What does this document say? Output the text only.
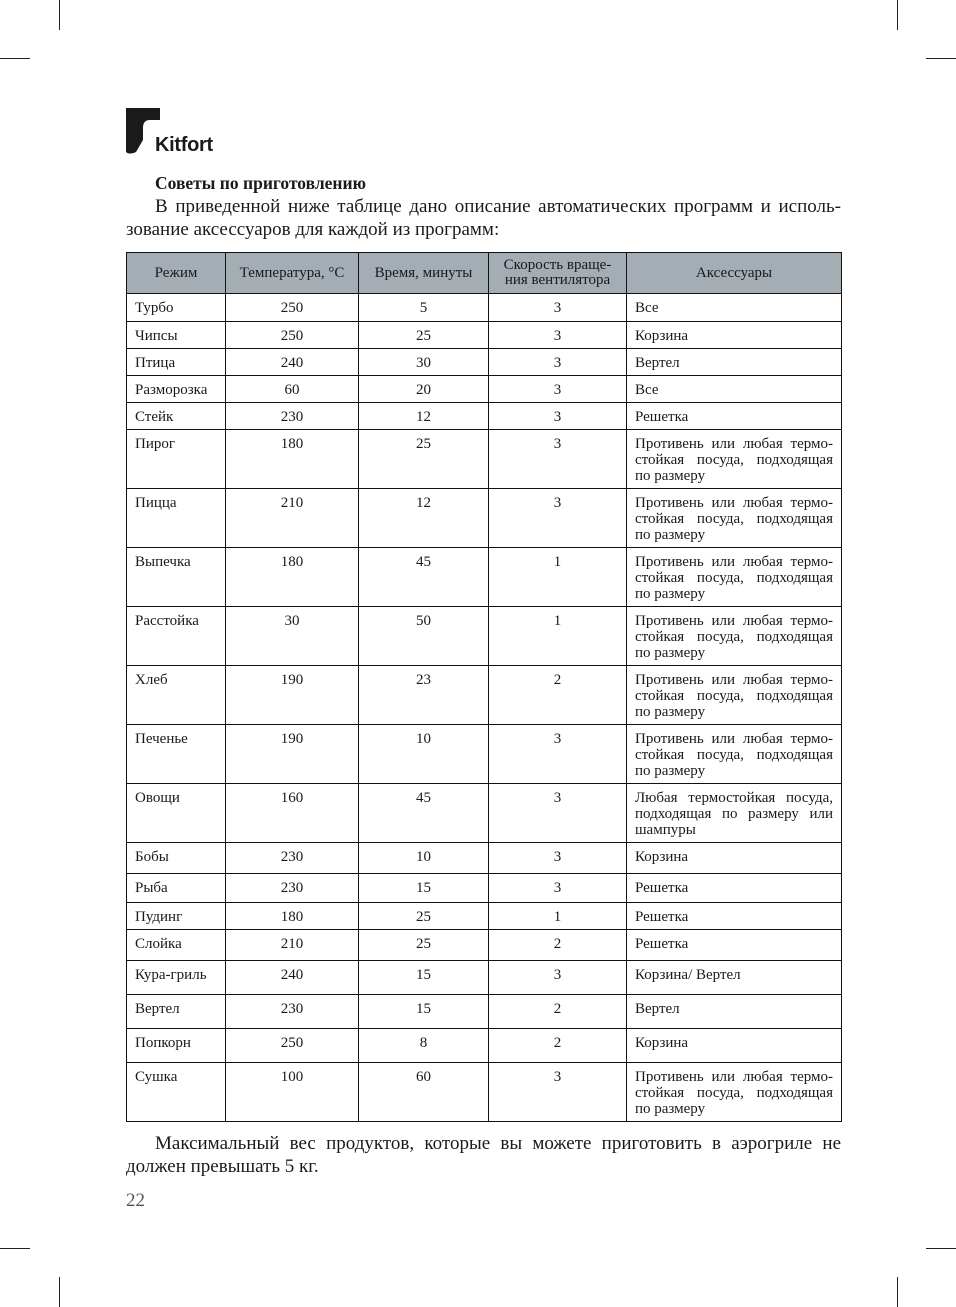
Kitfort
Советы по приготовлению
В приведенной ниже таблице дано описание автоматических программ и исполь-зование аксессуаров для каждой из программ:
Режим	Температура, °С	Время, минуты	Скорость враще-ния вентилятора	Аксессуары
Турбо	250	5	3	Все
Чипсы	250	25	3	Корзина
Птица	240	30	3	Вертел
Разморозка	60	20	3	Все
Стейк	230	12	3	Решетка
Пирог	180	25	3	Противень или любая термо-стойкая посуда, подходящая по размеру
Пицца	210	12	3	Противень или любая термо-стойкая посуда, подходящая по размеру
Выпечка	180	45	1	Противень или любая термо-стойкая посуда, подходящая по размеру
Расстойка	30	50	1	Противень или любая термо-стойкая посуда, подходящая по размеру
Хлеб	190	23	2	Противень или любая термо-стойкая посуда, подходящая по размеру
Печенье	190	10	3	Противень или любая термо-стойкая посуда, подходящая по размеру
Овощи	160	45	3	Любая термостойкая посуда, подходящая по размеру или шампуры
Бобы	230	10	3	Корзина
Рыба	230	15	3	Решетка
Пудинг	180	25	1	Решетка
Слойка	210	25	2	Решетка
Кура-гриль	240	15	3	Корзина/ Вертел
Вертел	230	15	2	Вертел
Попкорн	250	8	2	Корзина
Сушка	100	60	3	Противень или любая термо-стойкая посуда, подходящая по размеру
Максимальный вес продуктов, которые вы можете приготовить в аэрогриле не должен превышать 5 кг.
22
